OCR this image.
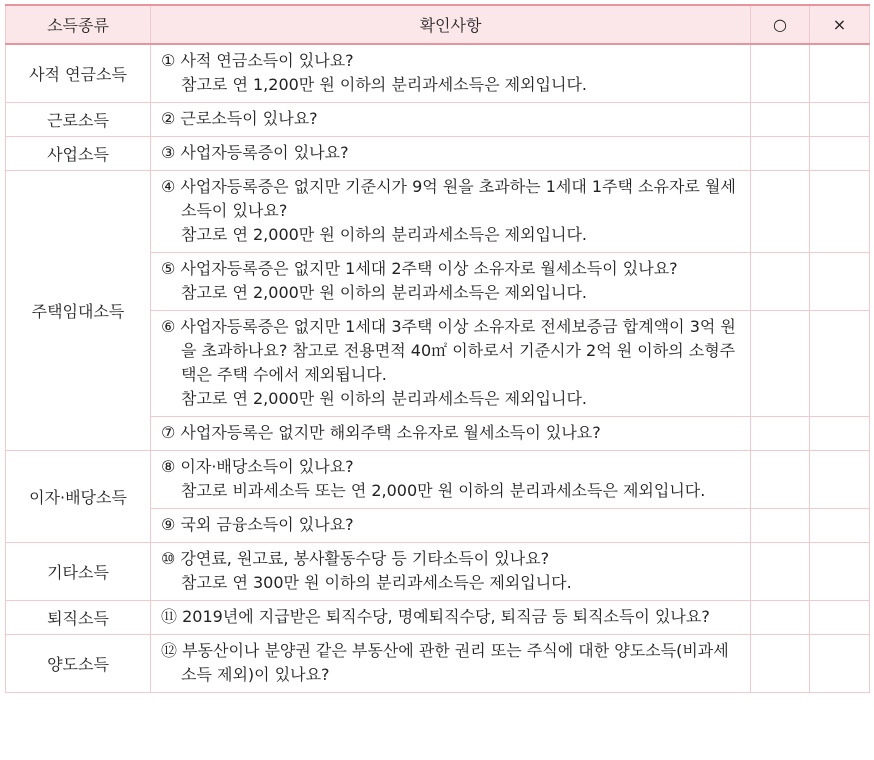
소득종류	확인사항	○	×
사적 연금소득	① 사적 연금소득이 있나요?
참고로 연 1,200만 원 이하의 분리과세소득은 제외입니다.		

근로소득	② 근로소득이 있나요?		

사업소득	③ 사업자등록증이 있나요?		

주택임대소득	④ 사업자등록증은 없지만 기준시가 9억 원을 초과하는 1세대 1주택 소유자로 월세소득이 있나요?
참고로 연 2,000만 원 이하의 분리과세소득은 제외입니다.		

	⑤ 사업자등록증은 없지만 1세대 2주택 이상 소유자로 월세소득이 있나요?
참고로 연 2,000만 원 이하의 분리과세소득은 제외입니다.		

	⑥ 사업자등록증은 없지만 1세대 3주택 이상 소유자로 전세보증금 합계액이 3억 원을 초과하나요? 참고로 전용면적 40㎡ 이하로서 기준시가 2억 원 이하의 소형주택은 주택 수에서 제외됩니다.
참고로 연 2,000만 원 이하의 분리과세소득은 제외입니다.		

	⑦ 사업자등록은 없지만 해외주택 소유자로 월세소득이 있나요?		

이자·배당소득	⑧ 이자·배당소득이 있나요?
참고로 비과세소득 또는 연 2,000만 원 이하의 분리과세소득은 제외입니다.		

	⑨ 국외 금융소득이 있나요?		

기타소득	⑩ 강연료, 원고료, 봉사활동수당 등 기타소득이 있나요?
참고로 연 300만 원 이하의 분리과세소득은 제외입니다.		

퇴직소득	⑪ 2019년에 지급받은 퇴직수당, 명예퇴직수당, 퇴직금 등 퇴직소득이 있나요?		

양도소득	⑫ 부동산이나 분양권 같은 부동산에 관한 권리 또는 주식에 대한 양도소득(비과세소득 제외)이 있나요?		
